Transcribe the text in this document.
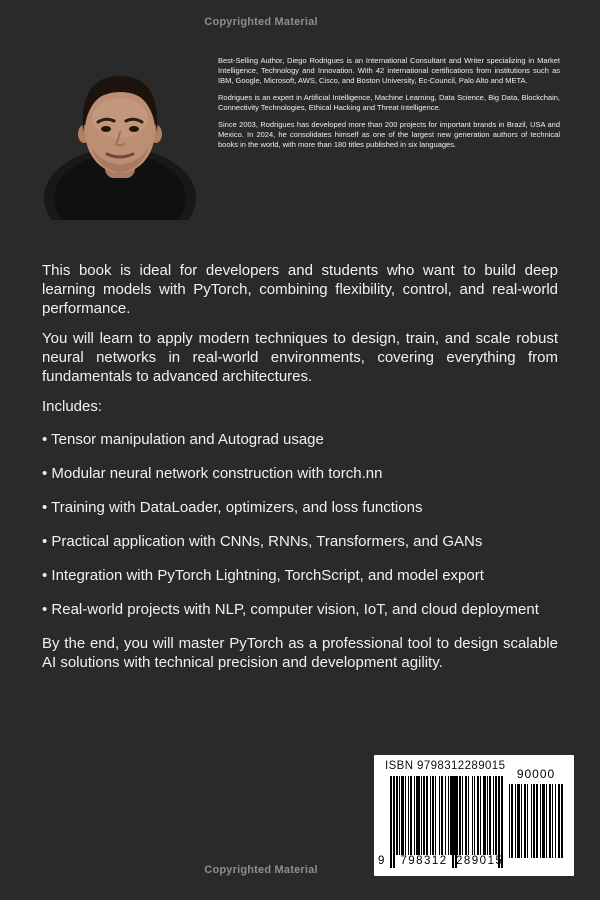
Copyrighted Material

Best-Selling Author, Diego Rodrigues is an International Consultant and Writer specializing in Market Intelligence, Technology and Innovation. With 42 international certifications from institutions such as IBM, Google, Microsoft, AWS, Cisco, and Boston University, Ec-Council, Palo Alto and META.

Rodrigues is an expert in Artificial Intelligence, Machine Learning, Data Science, Big Data, Blockchain, Connectivity Technologies, Ethical Hacking and Threat Intelligence.

Since 2003, Rodrigues has developed more than 200 projects for important brands in Brazil, USA and Mexico. In 2024, he consolidates himself as one of the largest new generation authors of technical books in the world, with more than 180 titles published in six languages.

This book is ideal for developers and students who want to build deep learning models with PyTorch, combining flexibility, control, and real-world performance.

You will learn to apply modern techniques to design, train, and scale robust neural networks in real-world environments, covering everything from fundamentals to advanced architectures.

Includes:

• Tensor manipulation and Autograd usage

• Modular neural network construction with torch.nn

• Training with DataLoader, optimizers, and loss functions

• Practical application with CNNs, RNNs, Transformers, and GANs

• Integration with PyTorch Lightning, TorchScript, and model export

• Real-world projects with NLP, computer vision, IoT, and cloud deployment

By the end, you will master PyTorch as a professional tool to design scalable AI solutions with technical precision and development agility.

ISBN 9798312289015
9 798312 289015
90000
Copyrighted Material
